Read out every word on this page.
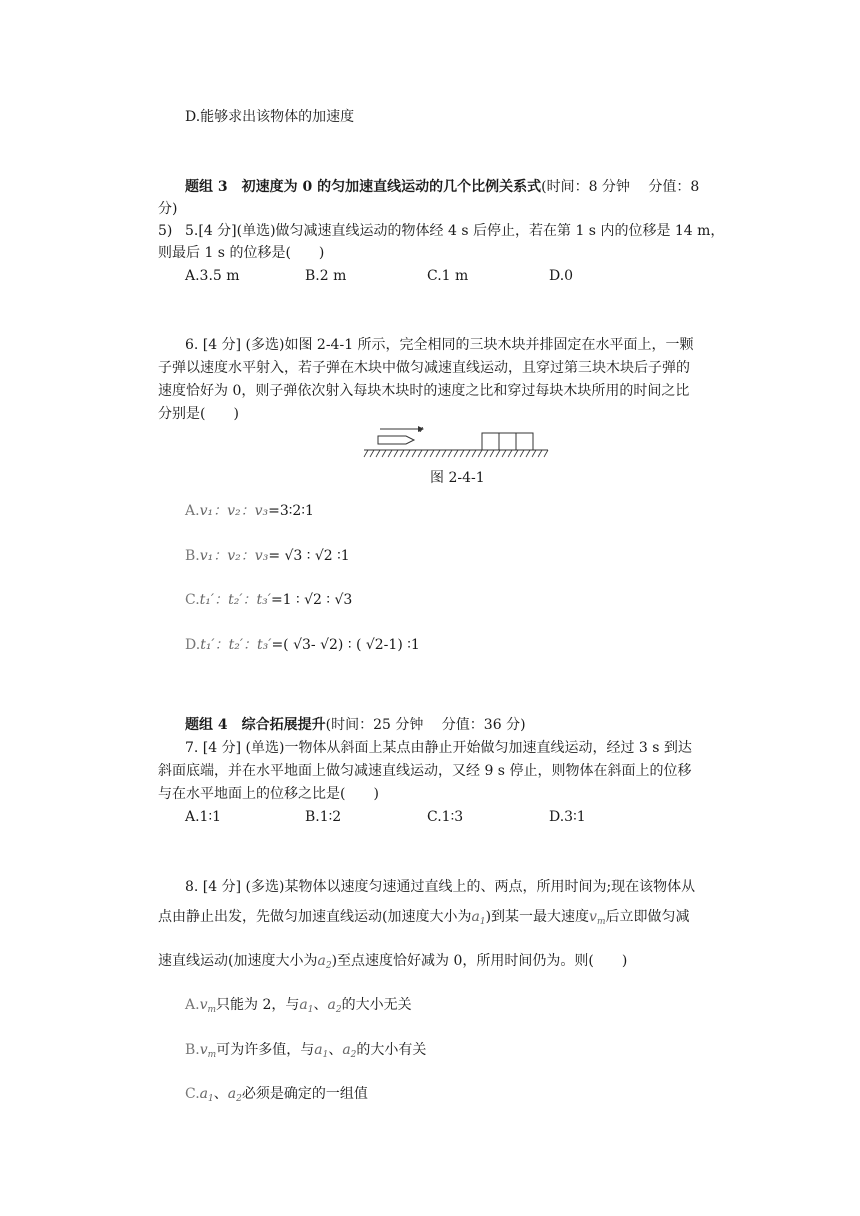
D.能够求出该物体的加速度
题组 3　初速度为 0 的匀加速直线运动的几个比例关系式(时间：8 分钟　 分值：8
分)
5) 5.[4 分](单选)做匀减速直线运动的物体经 4 s 后停止，若在第 1 s 内的位移是 14 m，
则最后 1 s 的位移是(　　)
A.3.5 m	B.2 m	C.1 m	D.0
6. [4 分] (多选)如图 2-4-1 所示，完全相同的三块木块并排固定在水平面上，一颗
子弹以速度水平射入，若子弹在木块中做匀减速直线运动，且穿过第三块木块后子弹的
速度恰好为 0，则子弹依次射入每块木块时的速度之比和穿过每块木块所用的时间之比
分别是(　　)
v
图 2-4-1
A.v₁：v₂：v₃=3∶2∶1
B.v₁：v₂：v₃= √3 ∶ √2 ∶1
C.t₁′：t₂′：t₃′=1 ∶ √2 ∶ √3
D.t₁′：t₂′：t₃′=( √3- √2) ∶ ( √2-1) ∶1
题组 4　综合拓展提升(时间：25 分钟　 分值：36 分)
7. [4 分] (单选)一物体从斜面上某点由静止开始做匀加速直线运动，经过 3 s 到达
斜面底端，并在水平地面上做匀减速直线运动，又经 9 s 停止，则物体在斜面上的位移
与在水平地面上的位移之比是(　　)
A.1∶1	B.1∶2	C.1∶3	D.3∶1
8. [4 分] (多选)某物体以速度匀速通过直线上的、两点，所用时间为;现在该物体从
点由静止出发，先做匀加速直线运动(加速度大小为$a_1$)到某一最大速度$v_m$后立即做匀减
速直线运动(加速度大小为$a_2$)至点速度恰好减为 0，所用时间仍为。则(　　)
$A.v_m$只能为 2，与$a_1$、$a_2$的大小无关
$B.v_m$可为许多值，与$a_1$、$a_2$的大小有关
$C.a_1$、$a_2$必须是确定的一组值
